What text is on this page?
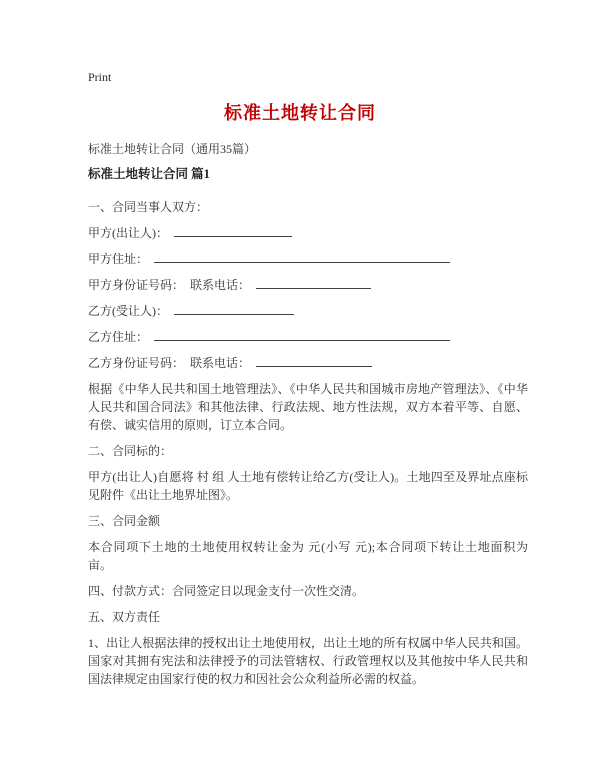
Print
标准土地转让合同

标准土地转让合同（通用35篇）

标准土地转让合同 篇1

一、合同当事人双方：

甲方(出让人)：

甲方住址：

甲方身份证号码：　联系电话：

乙方(受让人)：

乙方住址：

乙方身份证号码：　联系电话：

根据《中华人民共和国土地管理法》、《中华人民共和国城市房地产管理法》、《中华人民共和国合同法》和其他法律、行政法规、地方性法规，双方本着平等、自愿、有偿、诚实信用的原则，订立本合同。

二、合同标的：

甲方(出让人)自愿将 村 组 人土地有偿转让给乙方(受让人)。土地四至及界址点座标见附件《出让土地界址图》。

三、合同金额

本合同项下土地的土地使用权转让金为 元(小写 元);本合同项下转让土地面积为 亩。

四、付款方式：合同签定日以现金支付一次性交清。

五、双方责任

1、出让人根据法律的授权出让土地使用权，出让土地的所有权属中华人民共和国。国家对其拥有宪法和法律授予的司法管辖权、行政管理权以及其他按中华人民共和国法律规定由国家行使的权力和因社会公众利益所必需的权益。
